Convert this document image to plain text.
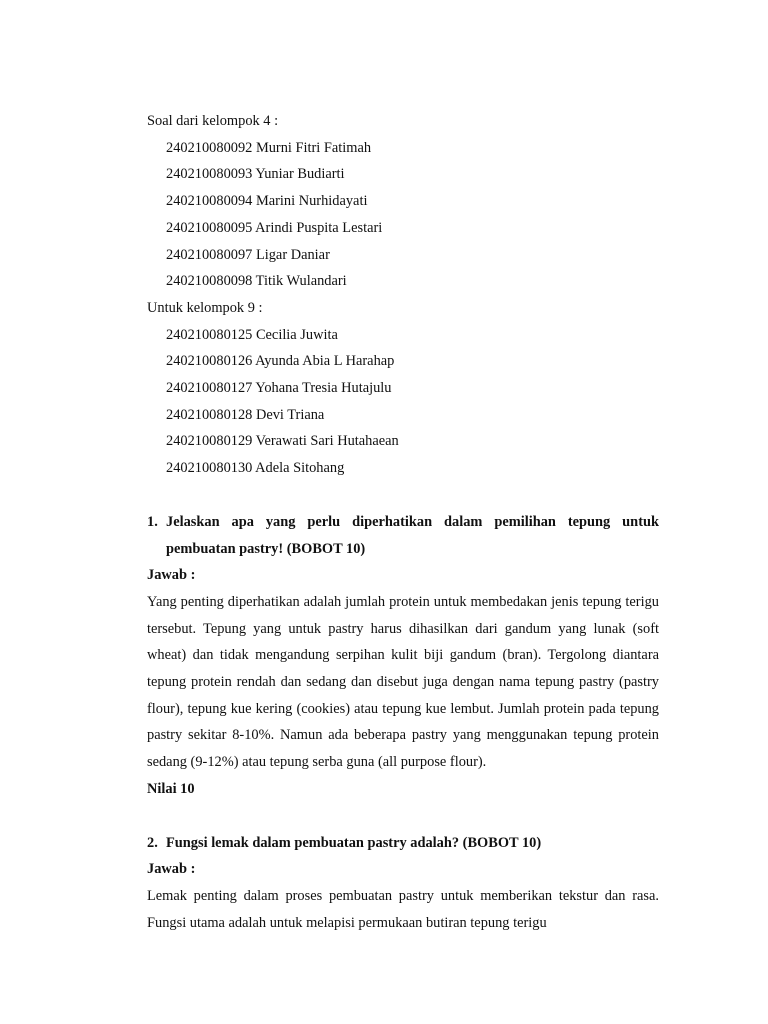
Soal dari kelompok 4 :
240210080092 Murni Fitri Fatimah
240210080093 Yuniar Budiarti
240210080094 Marini Nurhidayati
240210080095 Arindi Puspita Lestari
240210080097 Ligar Daniar
240210080098 Titik Wulandari
Untuk kelompok 9 :
240210080125 Cecilia Juwita
240210080126 Ayunda Abia L Harahap
240210080127 Yohana Tresia Hutajulu
240210080128 Devi Triana
240210080129 Verawati Sari Hutahaean
240210080130 Adela Sitohang
1. Jelaskan apa yang perlu diperhatikan dalam pemilihan tepung untuk pembuatan pastry! (BOBOT 10)
Jawab :
Yang penting diperhatikan adalah jumlah protein untuk membedakan jenis tepung terigu tersebut. Tepung yang untuk pastry harus dihasilkan dari gandum yang lunak (soft wheat) dan tidak mengandung serpihan kulit biji gandum (bran). Tergolong diantara tepung protein rendah dan sedang dan disebut juga dengan nama tepung pastry (pastry flour), tepung kue kering (cookies) atau tepung kue lembut. Jumlah protein pada tepung pastry sekitar 8-10%. Namun ada beberapa pastry yang menggunakan tepung protein sedang (9-12%) atau tepung serba guna (all purpose flour).
Nilai 10
2. Fungsi lemak dalam pembuatan pastry adalah? (BOBOT 10)
Jawab :
Lemak penting dalam proses pembuatan pastry untuk memberikan tekstur dan rasa. Fungsi utama adalah untuk melapisi permukaan butiran tepung terigu
